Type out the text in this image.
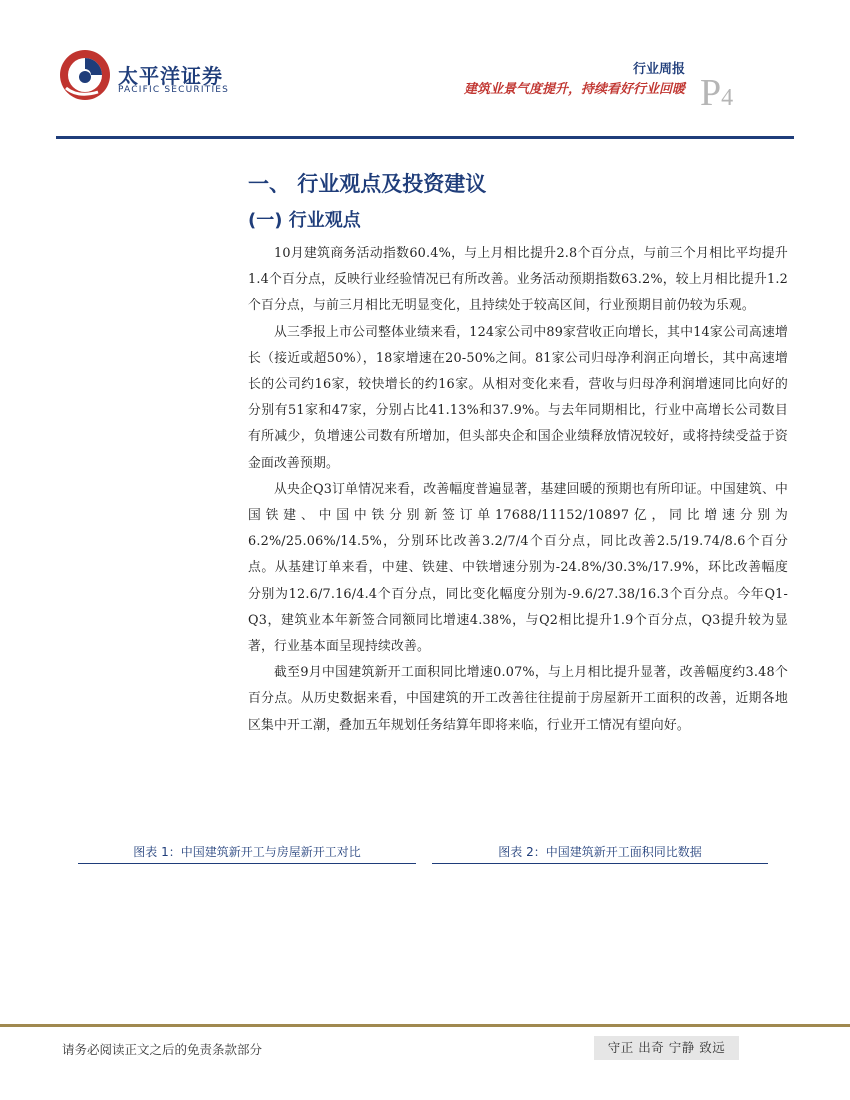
太平洋证券
PACIFIC SECURITIES
行业周报
建筑业景气度提升，持续看好行业回暖 P4
一、 行业观点及投资建议
(一) 行业观点

10月建筑商务活动指数60.4%，与上月相比提升2.8个百分点，与前三个月相比平均提升1.4个百分点，反映行业经验情况已有所改善。业务活动预期指数63.2%，较上月相比提升1.2个百分点，与前三月相比无明显变化，且持续处于较高区间，行业预期目前仍较为乐观。

从三季报上市公司整体业绩来看，124家公司中89家营收正向增长，其中14家公司高速增长（接近或超50%），18家增速在20-50%之间。81家公司归母净利润正向增长，其中高速增长的公司约16家，较快增长的约16家。从相对变化来看，营收与归母净利润增速同比向好的分别有51家和47家，分别占比41.13%和37.9%。与去年同期相比，行业中高增长公司数目有所减少，负增速公司数有所增加，但头部央企和国企业绩释放情况较好，或将持续受益于资金面改善预期。

从央企Q3订单情况来看，改善幅度普遍显著，基建回暖的预期也有所印证。中国建筑、中国铁建、中国中铁分别新签订单17688/11152/10897亿，同比增速分别为6.2%/25.06%/14.5%，分别环比改善3.2/7/4个百分点，同比改善2.5/19.74/8.6个百分点。从基建订单来看，中建、铁建、中铁增速分别为-24.8%/30.3%/17.9%，环比改善幅度分别为12.6/7.16/4.4个百分点，同比变化幅度分别为-9.6/27.38/16.3个百分点。今年Q1-Q3，建筑业本年新签合同额同比增速4.38%，与Q2相比提升1.9个百分点，Q3提升较为显著，行业基本面呈现持续改善。

截至9月中国建筑新开工面积同比增速0.07%，与上月相比提升显著，改善幅度约3.48个百分点。从历史数据来看，中国建筑的开工改善往往提前于房屋新开工面积的改善，近期各地区集中开工潮，叠加五年规划任务结算年即将来临，行业开工情况有望向好。

图表 1：中国建筑新开工与房屋新开工对比	图表 2：中国建筑新开工面积同比数据
请务必阅读正文之后的免责条款部分	守正 出奇 宁静 致远
